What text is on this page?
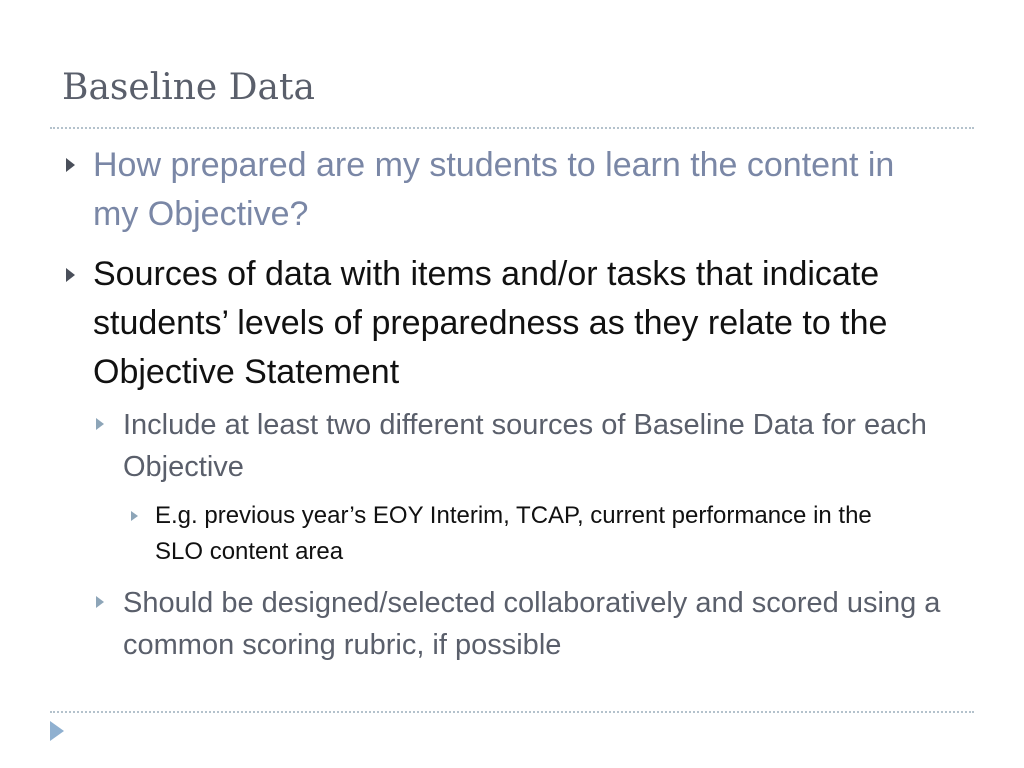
Baseline Data
How prepared are my students to learn the content in my Objective?
Sources of data with items and/or tasks that indicate students’ levels of preparedness as they relate to the Objective Statement
Include at least two different sources of Baseline Data for each Objective
E.g. previous year’s EOY Interim, TCAP, current performance in the SLO content area
Should be designed/selected collaboratively and scored using a common scoring rubric, if possible
